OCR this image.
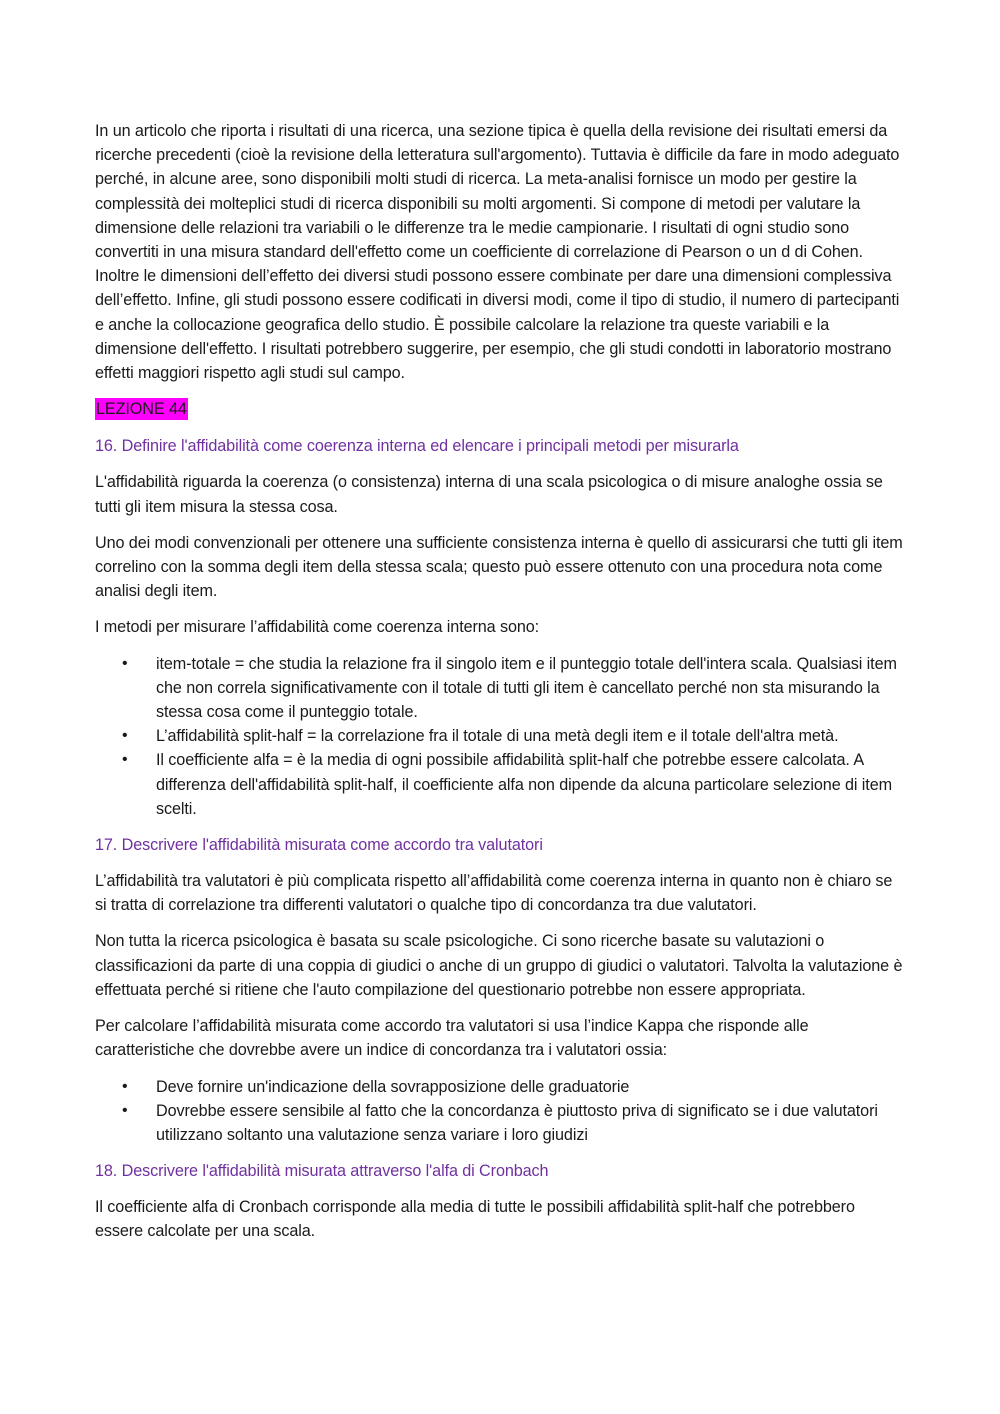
In un articolo che riporta i risultati di una ricerca, una sezione tipica è quella della revisione dei risultati emersi da ricerche precedenti (cioè la revisione della letteratura sull'argomento). Tuttavia è difficile da fare in modo adeguato perché, in alcune aree, sono disponibili molti studi di ricerca. La meta-analisi fornisce un modo per gestire la complessità dei molteplici studi di ricerca disponibili su molti argomenti. Si compone di metodi per valutare la dimensione delle relazioni tra variabili o le differenze tra le medie campionarie. I risultati di ogni studio sono convertiti in una misura standard dell'effetto come un coefficiente di correlazione di Pearson o un d di Cohen. Inoltre le dimensioni dell’effetto dei diversi studi possono essere combinate per dare una dimensioni complessiva dell’effetto. Infine, gli studi possono essere codificati in diversi modi, come il tipo di studio, il numero di partecipanti e anche la collocazione geografica dello studio. È possibile calcolare la relazione tra queste variabili e la dimensione dell'effetto. I risultati potrebbero suggerire, per esempio, che gli studi condotti in laboratorio mostrano effetti maggiori rispetto agli studi sul campo.

LEZIONE 44

16. Definire l'affidabilità come coerenza interna ed elencare i principali metodi per misurarla

L'affidabilità riguarda la coerenza (o consistenza) interna di una scala psicologica o di misure analoghe ossia se tutti gli item misura la stessa cosa.

Uno dei modi convenzionali per ottenere una sufficiente consistenza interna è quello di assicurarsi che tutti gli item correlino con la somma degli item della stessa scala; questo può essere ottenuto con una procedura nota come analisi degli item.

I metodi per misurare l’affidabilità come coerenza interna sono:

• item-totale = che studia la relazione fra il singolo item e il punteggio totale dell'intera scala. Qualsiasi item che non correla significativamente con il totale di tutti gli item è cancellato perché non sta misurando la stessa cosa come il punteggio totale.
• L’affidabilità split-half = la correlazione fra il totale di una metà degli item e il totale dell'altra metà.
• Il coefficiente alfa = è la media di ogni possibile affidabilità split-half che potrebbe essere calcolata. A differenza dell'affidabilità split-half, il coefficiente alfa non dipende da alcuna particolare selezione di item scelti.
17. Descrivere l'affidabilità misurata come accordo tra valutatori

L’affidabilità tra valutatori è più complicata rispetto all’affidabilità come coerenza interna in quanto non è chiaro se si tratta di correlazione tra differenti valutatori o qualche tipo di concordanza tra due valutatori.

Non tutta la ricerca psicologica è basata su scale psicologiche. Ci sono ricerche basate su valutazioni o classificazioni da parte di una coppia di giudici o anche di un gruppo di giudici o valutatori. Talvolta la valutazione è effettuata perché si ritiene che l'auto compilazione del questionario potrebbe non essere appropriata.

Per calcolare l’affidabilità misurata come accordo tra valutatori si usa l’indice Kappa che risponde alle caratteristiche che dovrebbe avere un indice di concordanza tra i valutatori ossia:

• Deve fornire un'indicazione della sovrapposizione delle graduatorie
• Dovrebbe essere sensibile al fatto che la concordanza è piuttosto priva di significato se i due valutatori utilizzano soltanto una valutazione senza variare i loro giudizi
18. Descrivere l'affidabilità misurata attraverso l'alfa di Cronbach

Il coefficiente alfa di Cronbach corrisponde alla media di tutte le possibili affidabilità split-half che potrebbero essere calcolate per una scala.
